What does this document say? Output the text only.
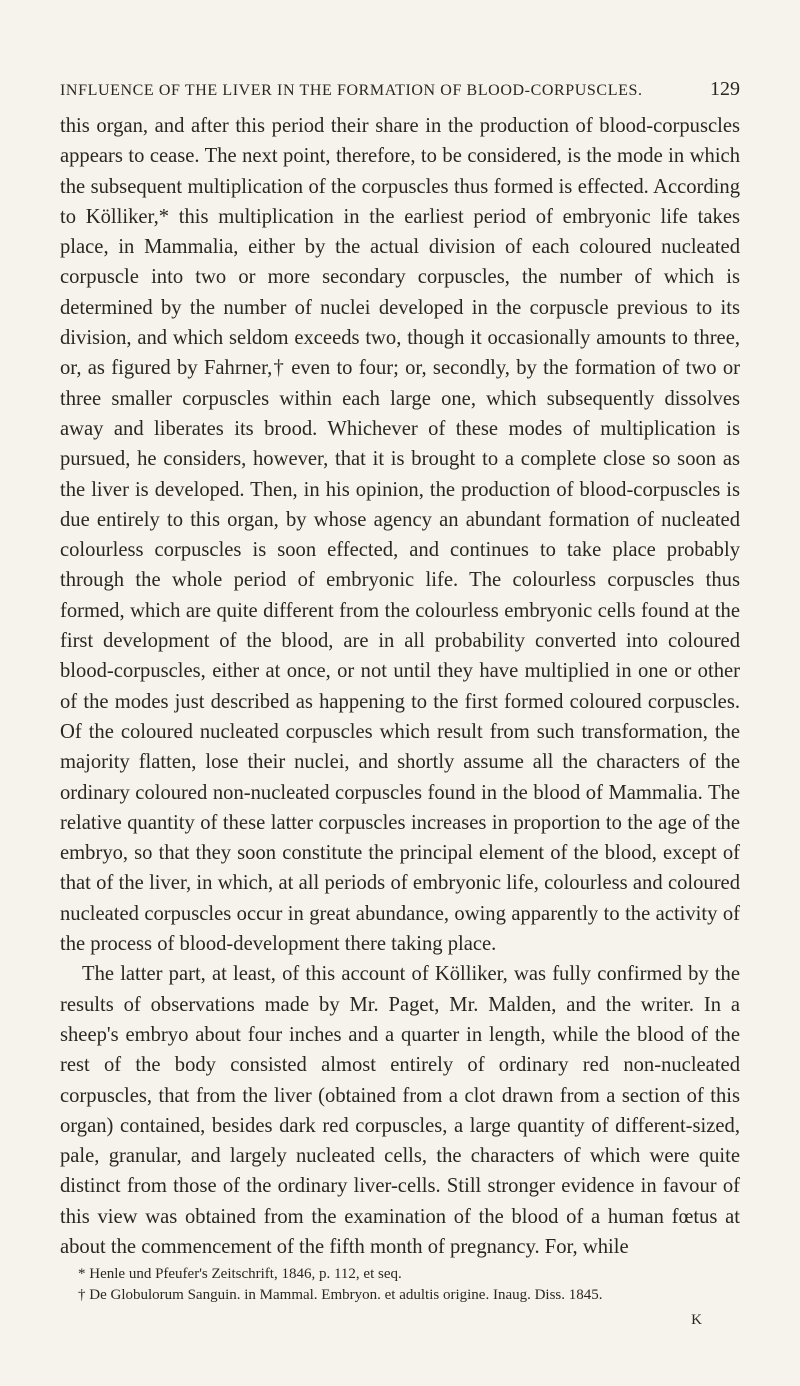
INFLUENCE OF THE LIVER IN THE FORMATION OF BLOOD-CORPUSCLES.	129

this organ, and after this period their share in the production of blood-corpuscles appears to cease. The next point, therefore, to be considered, is the mode in which the subsequent multiplication of the corpuscles thus formed is effected. According to Kölliker,* this multiplication in the earliest period of embryonic life takes place, in Mammalia, either by the actual division of each coloured nucleated corpuscle into two or more secondary corpuscles, the number of which is determined by the number of nuclei developed in the corpuscle previous to its division, and which seldom exceeds two, though it occasionally amounts to three, or, as figured by Fahrner,† even to four; or, secondly, by the formation of two or three smaller corpuscles within each large one, which subsequently dissolves away and liberates its brood. Whichever of these modes of multiplication is pursued, he considers, however, that it is brought to a complete close so soon as the liver is developed. Then, in his opinion, the production of blood-corpuscles is due entirely to this organ, by whose agency an abundant formation of nucleated colourless corpuscles is soon effected, and continues to take place probably through the whole period of embryonic life. The colourless corpuscles thus formed, which are quite different from the colourless embryonic cells found at the first development of the blood, are in all probability converted into coloured blood-corpuscles, either at once, or not until they have multiplied in one or other of the modes just described as happening to the first formed coloured corpuscles. Of the coloured nucleated corpuscles which result from such transformation, the majority flatten, lose their nuclei, and shortly assume all the characters of the ordinary coloured non-nucleated corpuscles found in the blood of Mammalia. The relative quantity of these latter corpuscles increases in proportion to the age of the embryo, so that they soon constitute the principal element of the blood, except of that of the liver, in which, at all periods of embryonic life, colourless and coloured nucleated corpuscles occur in great abundance, owing apparently to the activity of the process of blood-development there taking place.

The latter part, at least, of this account of Kölliker, was fully confirmed by the results of observations made by Mr. Paget, Mr. Malden, and the writer. In a sheep's embryo about four inches and a quarter in length, while the blood of the rest of the body consisted almost entirely of ordinary red non-nucleated corpuscles, that from the liver (obtained from a clot drawn from a section of this organ) contained, besides dark red corpuscles, a large quantity of different-sized, pale, granular, and largely nucleated cells, the characters of which were quite distinct from those of the ordinary liver-cells. Still stronger evidence in favour of this view was obtained from the examination of the blood of a human fœtus at about the commencement of the fifth month of pregnancy. For, while

* Henle und Pfeufer's Zeitschrift, 1846, p. 112, et seq.

† De Globulorum Sanguin. in Mammal. Embryon. et adultis origine. Inaug. Diss. 1845.

K
